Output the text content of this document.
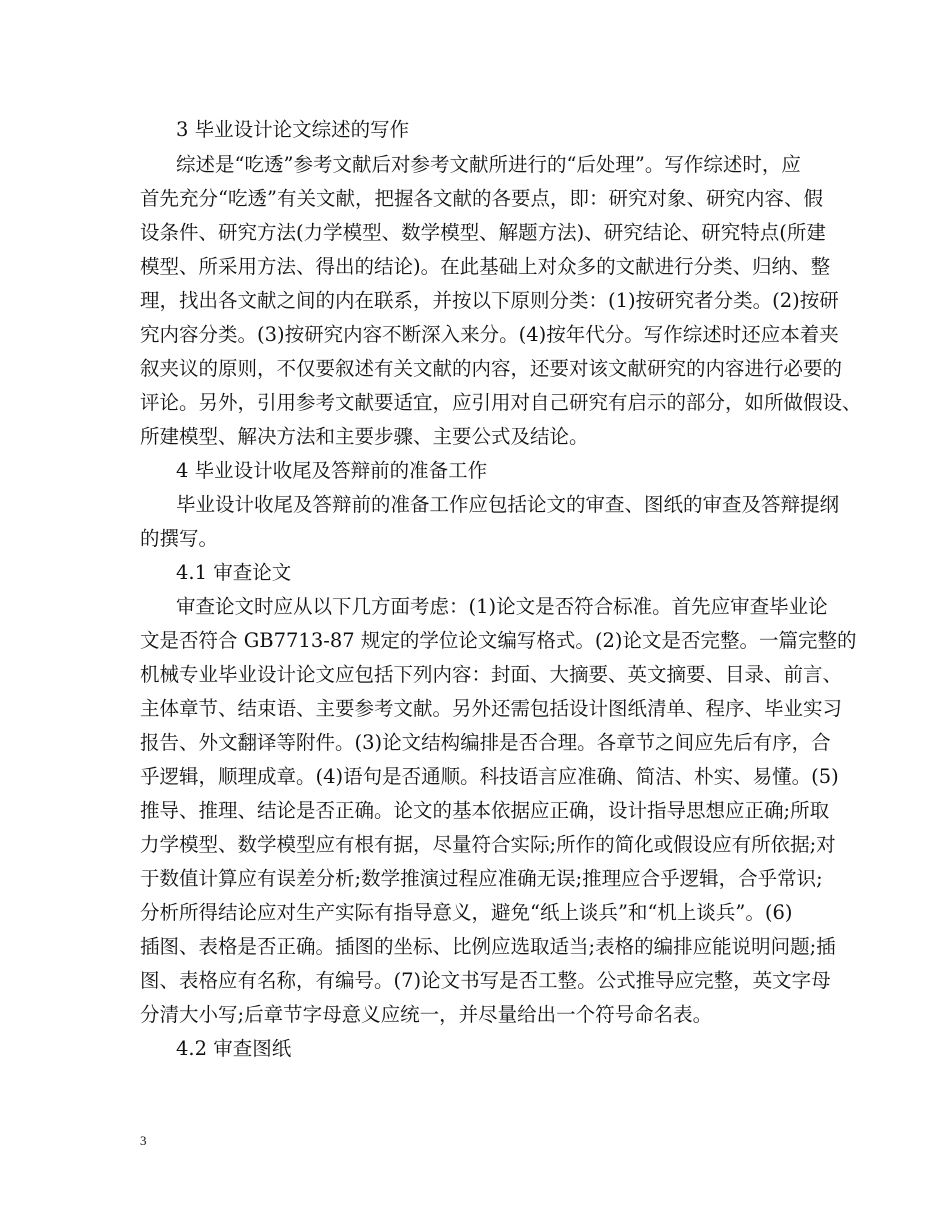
3 毕业设计论文综述的写作
综述是“吃透”参考文献后对参考文献所进行的“后处理”。写作综述时，应
首先充分“吃透”有关文献，把握各文献的各要点，即：研究对象、研究内容、假
设条件、研究方法(力学模型、数学模型、解题方法)、研究结论、研究特点(所建
模型、所采用方法、得出的结论)。在此基础上对众多的文献进行分类、归纳、整
理，找出各文献之间的内在联系，并按以下原则分类：(1)按研究者分类。(2)按研
究内容分类。(3)按研究内容不断深入来分。(4)按年代分。写作综述时还应本着夹
叙夹议的原则，不仅要叙述有关文献的内容，还要对该文献研究的内容进行必要的
评论。另外，引用参考文献要适宜，应引用对自己研究有启示的部分，如所做假设、
所建模型、解决方法和主要步骤、主要公式及结论。
4 毕业设计收尾及答辩前的准备工作
毕业设计收尾及答辩前的准备工作应包括论文的审查、图纸的审查及答辩提纲
的撰写。
4.1 审查论文
审查论文时应从以下几方面考虑：(1)论文是否符合标准。首先应审查毕业论
文是否符合 GB7713-87 规定的学位论文编写格式。(2)论文是否完整。一篇完整的
机械专业毕业设计论文应包括下列内容：封面、大摘要、英文摘要、目录、前言、
主体章节、结束语、主要参考文献。另外还需包括设计图纸清单、程序、毕业实习
报告、外文翻译等附件。(3)论文结构编排是否合理。各章节之间应先后有序，合
乎逻辑，顺理成章。(4)语句是否通顺。科技语言应准确、简洁、朴实、易懂。(5)
推导、推理、结论是否正确。论文的基本依据应正确，设计指导思想应正确;所取
力学模型、数学模型应有根有据，尽量符合实际;所作的简化或假设应有所依据;对
于数值计算应有误差分析;数学推演过程应准确无误;推理应合乎逻辑，合乎常识;
分析所得结论应对生产实际有指导意义，避免“纸上谈兵”和“机上谈兵”。(6)
插图、表格是否正确。插图的坐标、比例应选取适当;表格的编排应能说明问题;插
图、表格应有名称，有编号。(7)论文书写是否工整。公式推导应完整，英文字母
分清大小写;后章节字母意义应统一，并尽量给出一个符号命名表。
4.2 审查图纸
3
